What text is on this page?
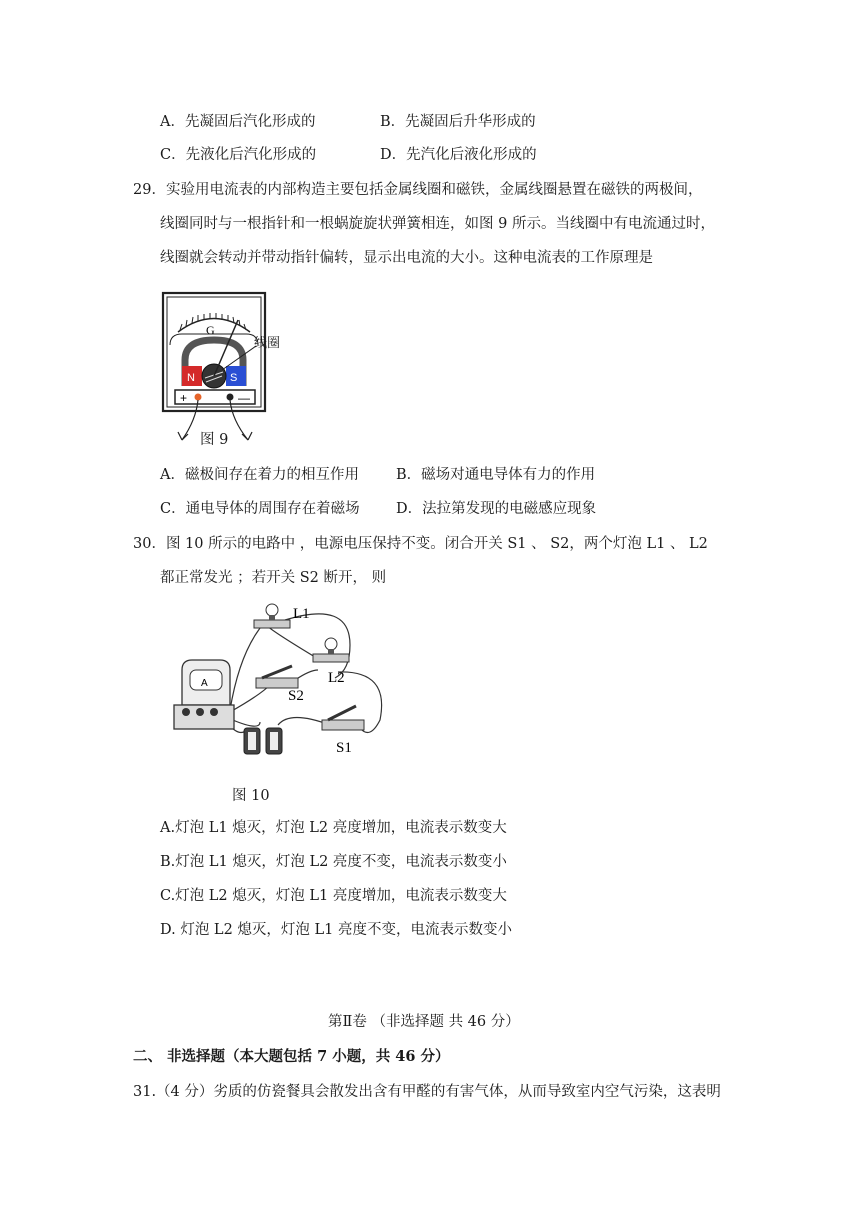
A．先凝固后汽化形成的	B．先凝固后升华形成的
C．先液化后汽化形成的	D．先汽化后液化形成的
29．实验用电流表的内部构造主要包括金属线圈和磁铁，金属线圈悬置在磁铁的两极间，
线圈同时与一根指针和一根蜗旋旋状弹簧相连，如图 9 所示。当线圈中有电流通过时，
线圈就会转动并带动指针偏转，显示出电流的大小。这种电流表的工作原理是
G
N	S
+	—
线圈
图 9
A．磁极间存在着力的相互作用	B．磁场对通电导体有力的作用
C．通电导体的周围存在着磁场	D．法拉第发现的电磁感应现象
30．图 10 所示的电路中 ，电源电压保持不变。闭合开关 S1 、 S2，两个灯泡 L1 、 L2
都正常发光 ；若开关 S2 断开， 则
A
L1
L2
S2
S1
图 10
A.灯泡 L1 熄灭，灯泡 L2 亮度增加，电流表示数变大
B.灯泡 L1 熄灭，灯泡 L2 亮度不变，电流表示数变小
C.灯泡 L2 熄灭，灯泡 L1 亮度增加，电流表示数变大
D. 灯泡 L2 熄灭，灯泡 L1 亮度不变，电流表示数变小
第Ⅱ卷 （非选择题 共 46 分）
二、 非选择题（本大题包括 7 小题，共 46 分）
31.（4 分）劣质的仿瓷餐具会散发出含有甲醛的有害气体，从而导致室内空气污染，这表明
